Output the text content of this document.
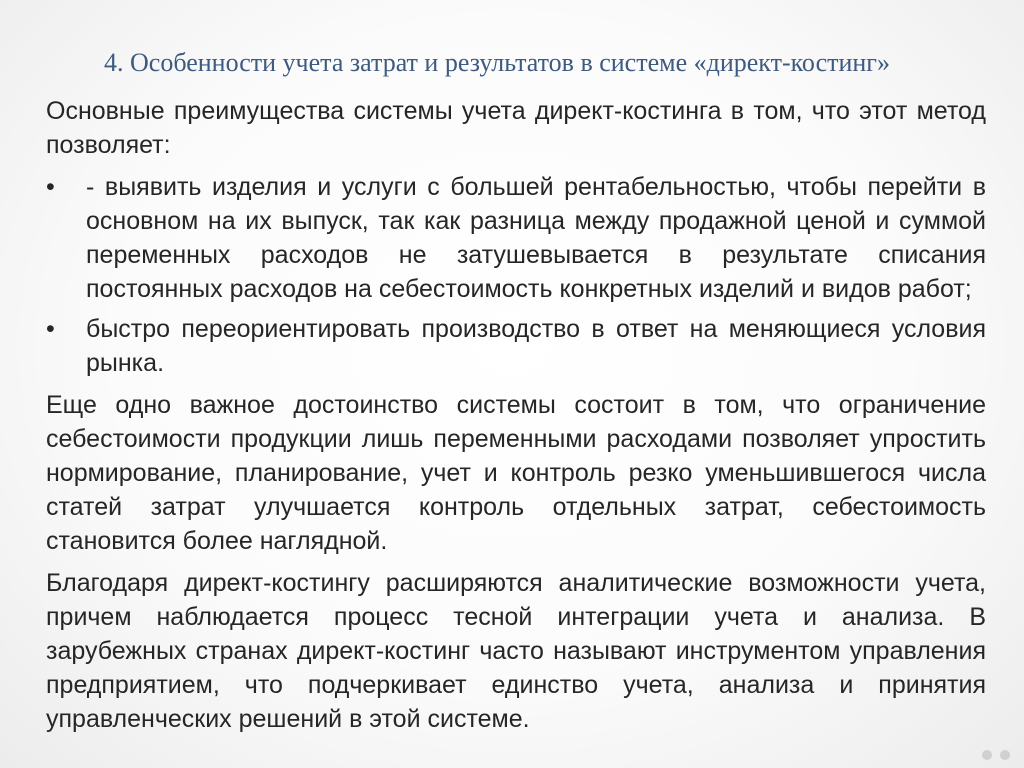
4. Особенности учета затрат и результатов в системе «директ-костинг»

Основные преимущества системы учета директ-костинга в том, что этот метод позволяет:

• - выявить изделия и услуги с большей рентабельностью, чтобы перейти в основном на их выпуск, так как разница между продажной ценой и суммой переменных расходов не затушевывается в результате списания постоянных расходов на себестоимость конкретных изделий и видов работ;
• быстро переориентировать производство в ответ на меняющиеся условия рынка.

Еще одно важное достоинство системы состоит в том, что ограничение себестоимости продукции лишь переменными расходами позволяет упростить нормирование, планирование, учет и контроль резко уменьшившегося числа статей затрат улучшается контроль отдельных затрат, себестоимость становится более наглядной.

Благодаря директ-костингу расширяются аналитические возможности учета, причем наблюдается процесс тесной интеграции учета и анализа. В зарубежных странах директ-костинг часто называют инструментом управления предприятием, что подчеркивает единство учета, анализа и принятия управленческих решений в этой системе.
